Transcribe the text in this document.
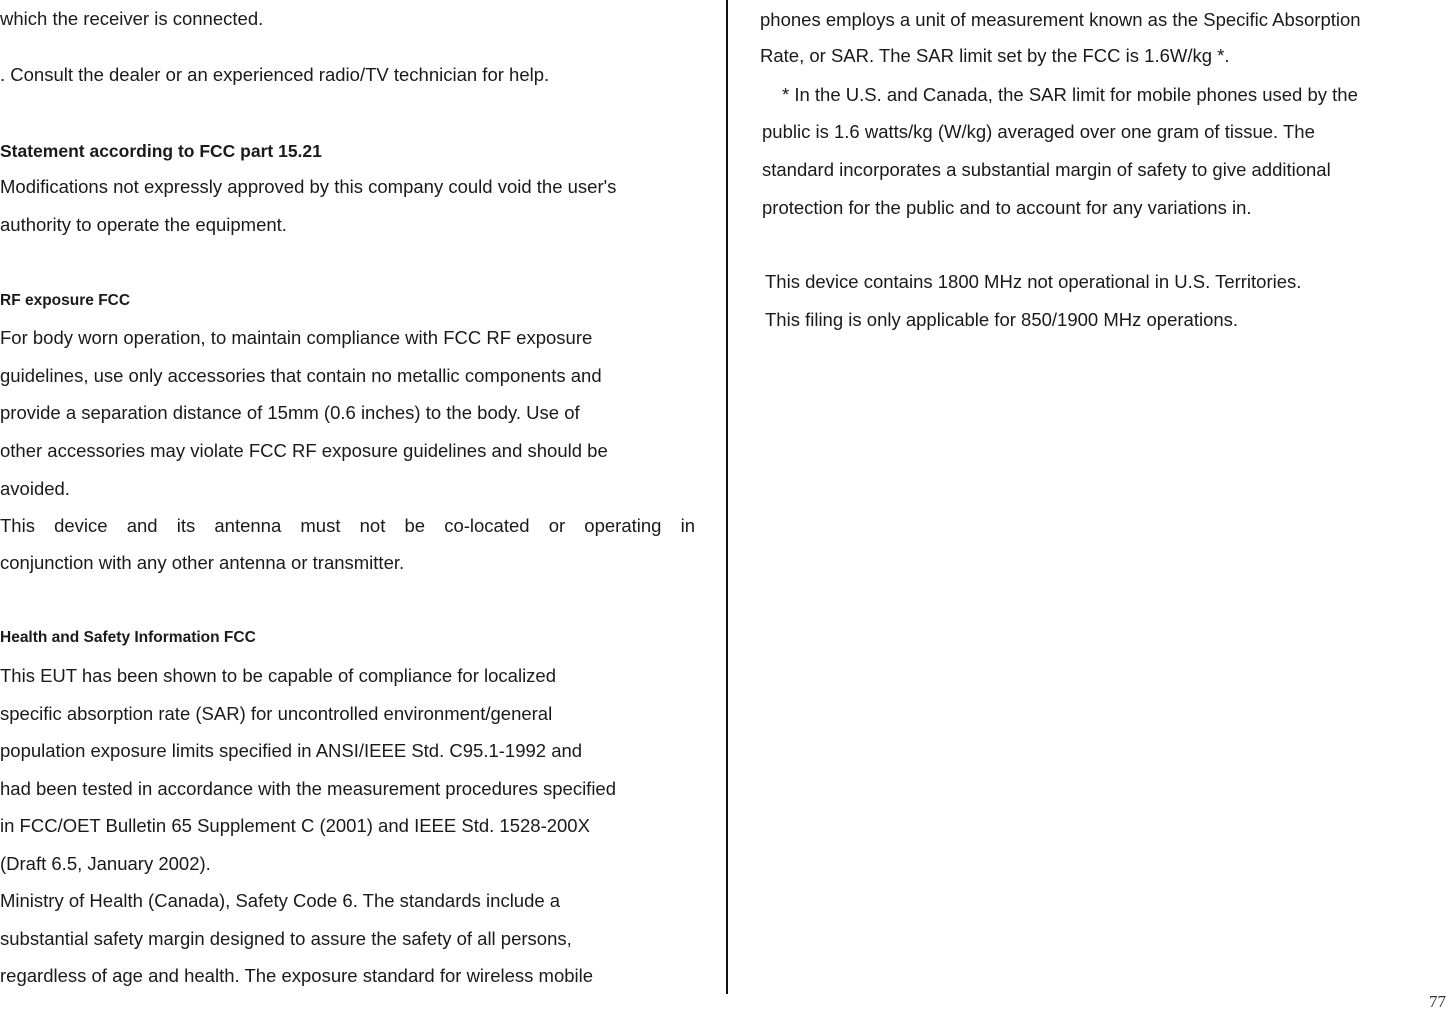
which the receiver is connected.
. Consult the dealer or an experienced radio/TV technician for help.
Statement according to FCC part 15.21
Modifications not expressly approved by this company could void the user's
authority to operate the equipment.
RF exposure FCC
For body worn operation, to maintain compliance with FCC RF exposure
guidelines, use only accessories that contain no metallic components and
provide a separation distance of 15mm (0.6 inches) to the body. Use of
other accessories may violate FCC RF exposure guidelines and should be
avoided.
This device and its antenna must not be co-located or operating in
conjunction with any other antenna or transmitter.
Health and Safety Information FCC
This EUT has been shown to be capable of compliance for localized
specific absorption rate (SAR) for uncontrolled environment/general
population exposure limits specified in ANSI/IEEE Std. C95.1-1992 and
had been tested in accordance with the measurement procedures specified
in FCC/OET Bulletin 65 Supplement C (2001) and IEEE Std. 1528-200X
(Draft 6.5, January 2002).
Ministry of Health (Canada), Safety Code 6. The standards include a
substantial safety margin designed to assure the safety of all persons,
regardless of age and health. The exposure standard for wireless mobile
phones employs a unit of measurement known as the Specific Absorption
Rate, or SAR. The SAR limit set by the FCC is 1.6W/kg *.
* In the U.S. and Canada, the SAR limit for mobile phones used by the
public is 1.6 watts/kg (W/kg) averaged over one gram of tissue. The
standard incorporates a substantial margin of safety to give additional
protection for the public and to account for any variations in.
This device contains 1800 MHz not operational in U.S. Territories.
This filing is only applicable for 850/1900 MHz operations.
77
